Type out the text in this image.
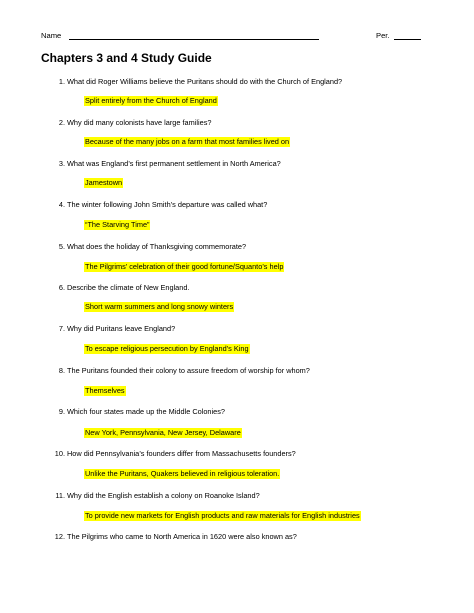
Name	Per.
Chapters 3 and 4 Study Guide
1. What did Roger Williams believe the Puritans should do with the Church of England?
Split entirely from the Church of England
2. Why did many colonists have large families?
Because of the many jobs on a farm that most families lived on
3. What was England’s first permanent settlement in North America?
Jamestown
4. The winter following John Smith’s departure was called what?
“The Starving Time”
5. What does the holiday of Thanksgiving commemorate?
The Pilgrims’ celebration of their good fortune/Squanto’s help
6. Describe the climate of New England.
Short warm summers and long snowy winters
7. Why did Puritans leave England?
To escape religious persecution by England’s King
8. The Puritans founded their colony to assure freedom of worship for whom?
Themselves
9. Which four states made up the Middle Colonies?
New York, Pennsylvania, New Jersey, Delaware
10. How did Pennsylvania’s founders differ from Massachusetts founders?
Unlike the Puritans, Quakers believed in religious toleration.
11. Why did the English establish a colony on Roanoke Island?
To provide new markets for English products and raw materials for English industries
12. The Pilgrims who came to North America in 1620 were also known as?
